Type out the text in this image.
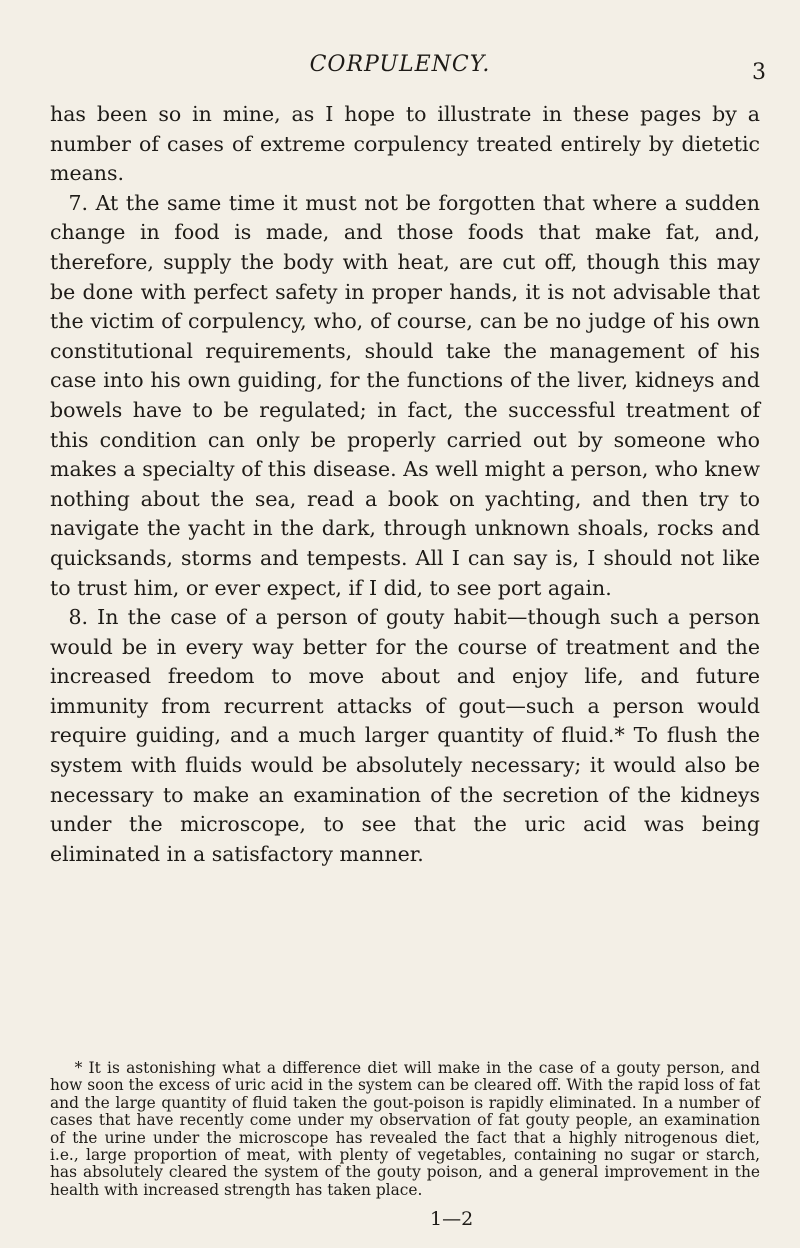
CORPULENCY.	3

has been so in mine, as I hope to illustrate in these pages by a number of cases of extreme corpulency treated entirely by dietetic means.

7. At the same time it must not be forgotten that where a sudden change in food is made, and those foods that make fat, and, therefore, supply the body with heat, are cut off, though this may be done with perfect safety in proper hands, it is not advisable that the victim of corpulency, who, of course, can be no judge of his own constitutional requirements, should take the management of his case into his own guiding, for the functions of the liver, kidneys and bowels have to be regulated; in fact, the successful treatment of this condition can only be properly carried out by someone who makes a specialty of this disease. As well might a person, who knew nothing about the sea, read a book on yachting, and then try to navigate the yacht in the dark, through unknown shoals, rocks and quicksands, storms and tempests. All I can say is, I should not like to trust him, or ever expect, if I did, to see port again.

8. In the case of a person of gouty habit—though such a person would be in every way better for the course of treatment and the increased freedom to move about and enjoy life, and future immunity from recurrent attacks of gout—such a person would require guiding, and a much larger quantity of fluid.* To flush the system with fluids would be absolutely necessary; it would also be necessary to make an examination of the secretion of the kidneys under the microscope, to see that the uric acid was being eliminated in a satisfactory manner.

* It is astonishing what a difference diet will make in the case of a gouty person, and how soon the excess of uric acid in the system can be cleared off. With the rapid loss of fat and the large quantity of fluid taken the gout-poison is rapidly eliminated. In a number of cases that have recently come under my observation of fat gouty people, an examination of the urine under the microscope has revealed the fact that a highly nitrogenous diet, i.e., large proportion of meat, with plenty of vegetables, containing no sugar or starch, has absolutely cleared the system of the gouty poison, and a general improvement in the health with increased strength has taken place.

1—2
